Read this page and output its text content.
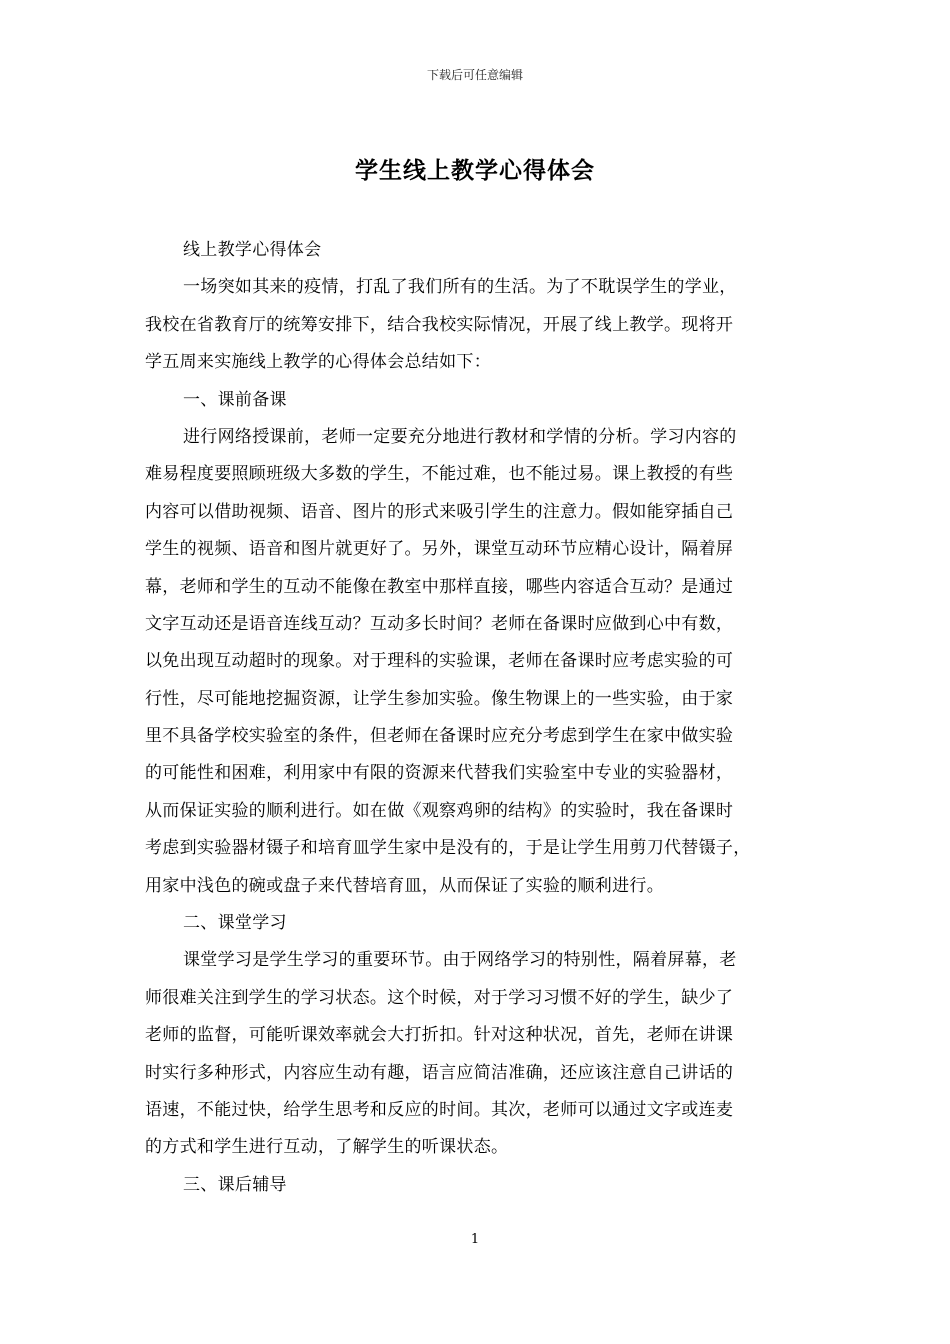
下载后可任意编辑
学生线上教学心得体会
线上教学心得体会
一场突如其来的疫情，打乱了我们所有的生活。为了不耽误学生的学业，
我校在省教育厅的统筹安排下，结合我校实际情况，开展了线上教学。现将开
学五周来实施线上教学的心得体会总结如下：
一、课前备课
进行网络授课前，老师一定要充分地进行教材和学情的分析。学习内容的
难易程度要照顾班级大多数的学生，不能过难，也不能过易。课上教授的有些
内容可以借助视频、语音、图片的形式来吸引学生的注意力。假如能穿插自己
学生的视频、语音和图片就更好了。另外，课堂互动环节应精心设计，隔着屏
幕，老师和学生的互动不能像在教室中那样直接，哪些内容适合互动？是通过
文字互动还是语音连线互动？互动多长时间？老师在备课时应做到心中有数，
以免出现互动超时的现象。对于理科的实验课，老师在备课时应考虑实验的可
行性，尽可能地挖掘资源，让学生参加实验。像生物课上的一些实验，由于家
里不具备学校实验室的条件，但老师在备课时应充分考虑到学生在家中做实验
的可能性和困难，利用家中有限的资源来代替我们实验室中专业的实验器材，
从而保证实验的顺利进行。如在做《观察鸡卵的结构》的实验时，我在备课时
考虑到实验器材镊子和培育皿学生家中是没有的，于是让学生用剪刀代替镊子，
用家中浅色的碗或盘子来代替培育皿，从而保证了实验的顺利进行。
二、课堂学习
课堂学习是学生学习的重要环节。由于网络学习的特别性，隔着屏幕，老
师很难关注到学生的学习状态。这个时候，对于学习习惯不好的学生，缺少了
老师的监督，可能听课效率就会大打折扣。针对这种状况，首先，老师在讲课
时实行多种形式，内容应生动有趣，语言应简洁准确，还应该注意自己讲话的
语速，不能过快，给学生思考和反应的时间。其次，老师可以通过文字或连麦
的方式和学生进行互动，了解学生的听课状态。
三、课后辅导
1
